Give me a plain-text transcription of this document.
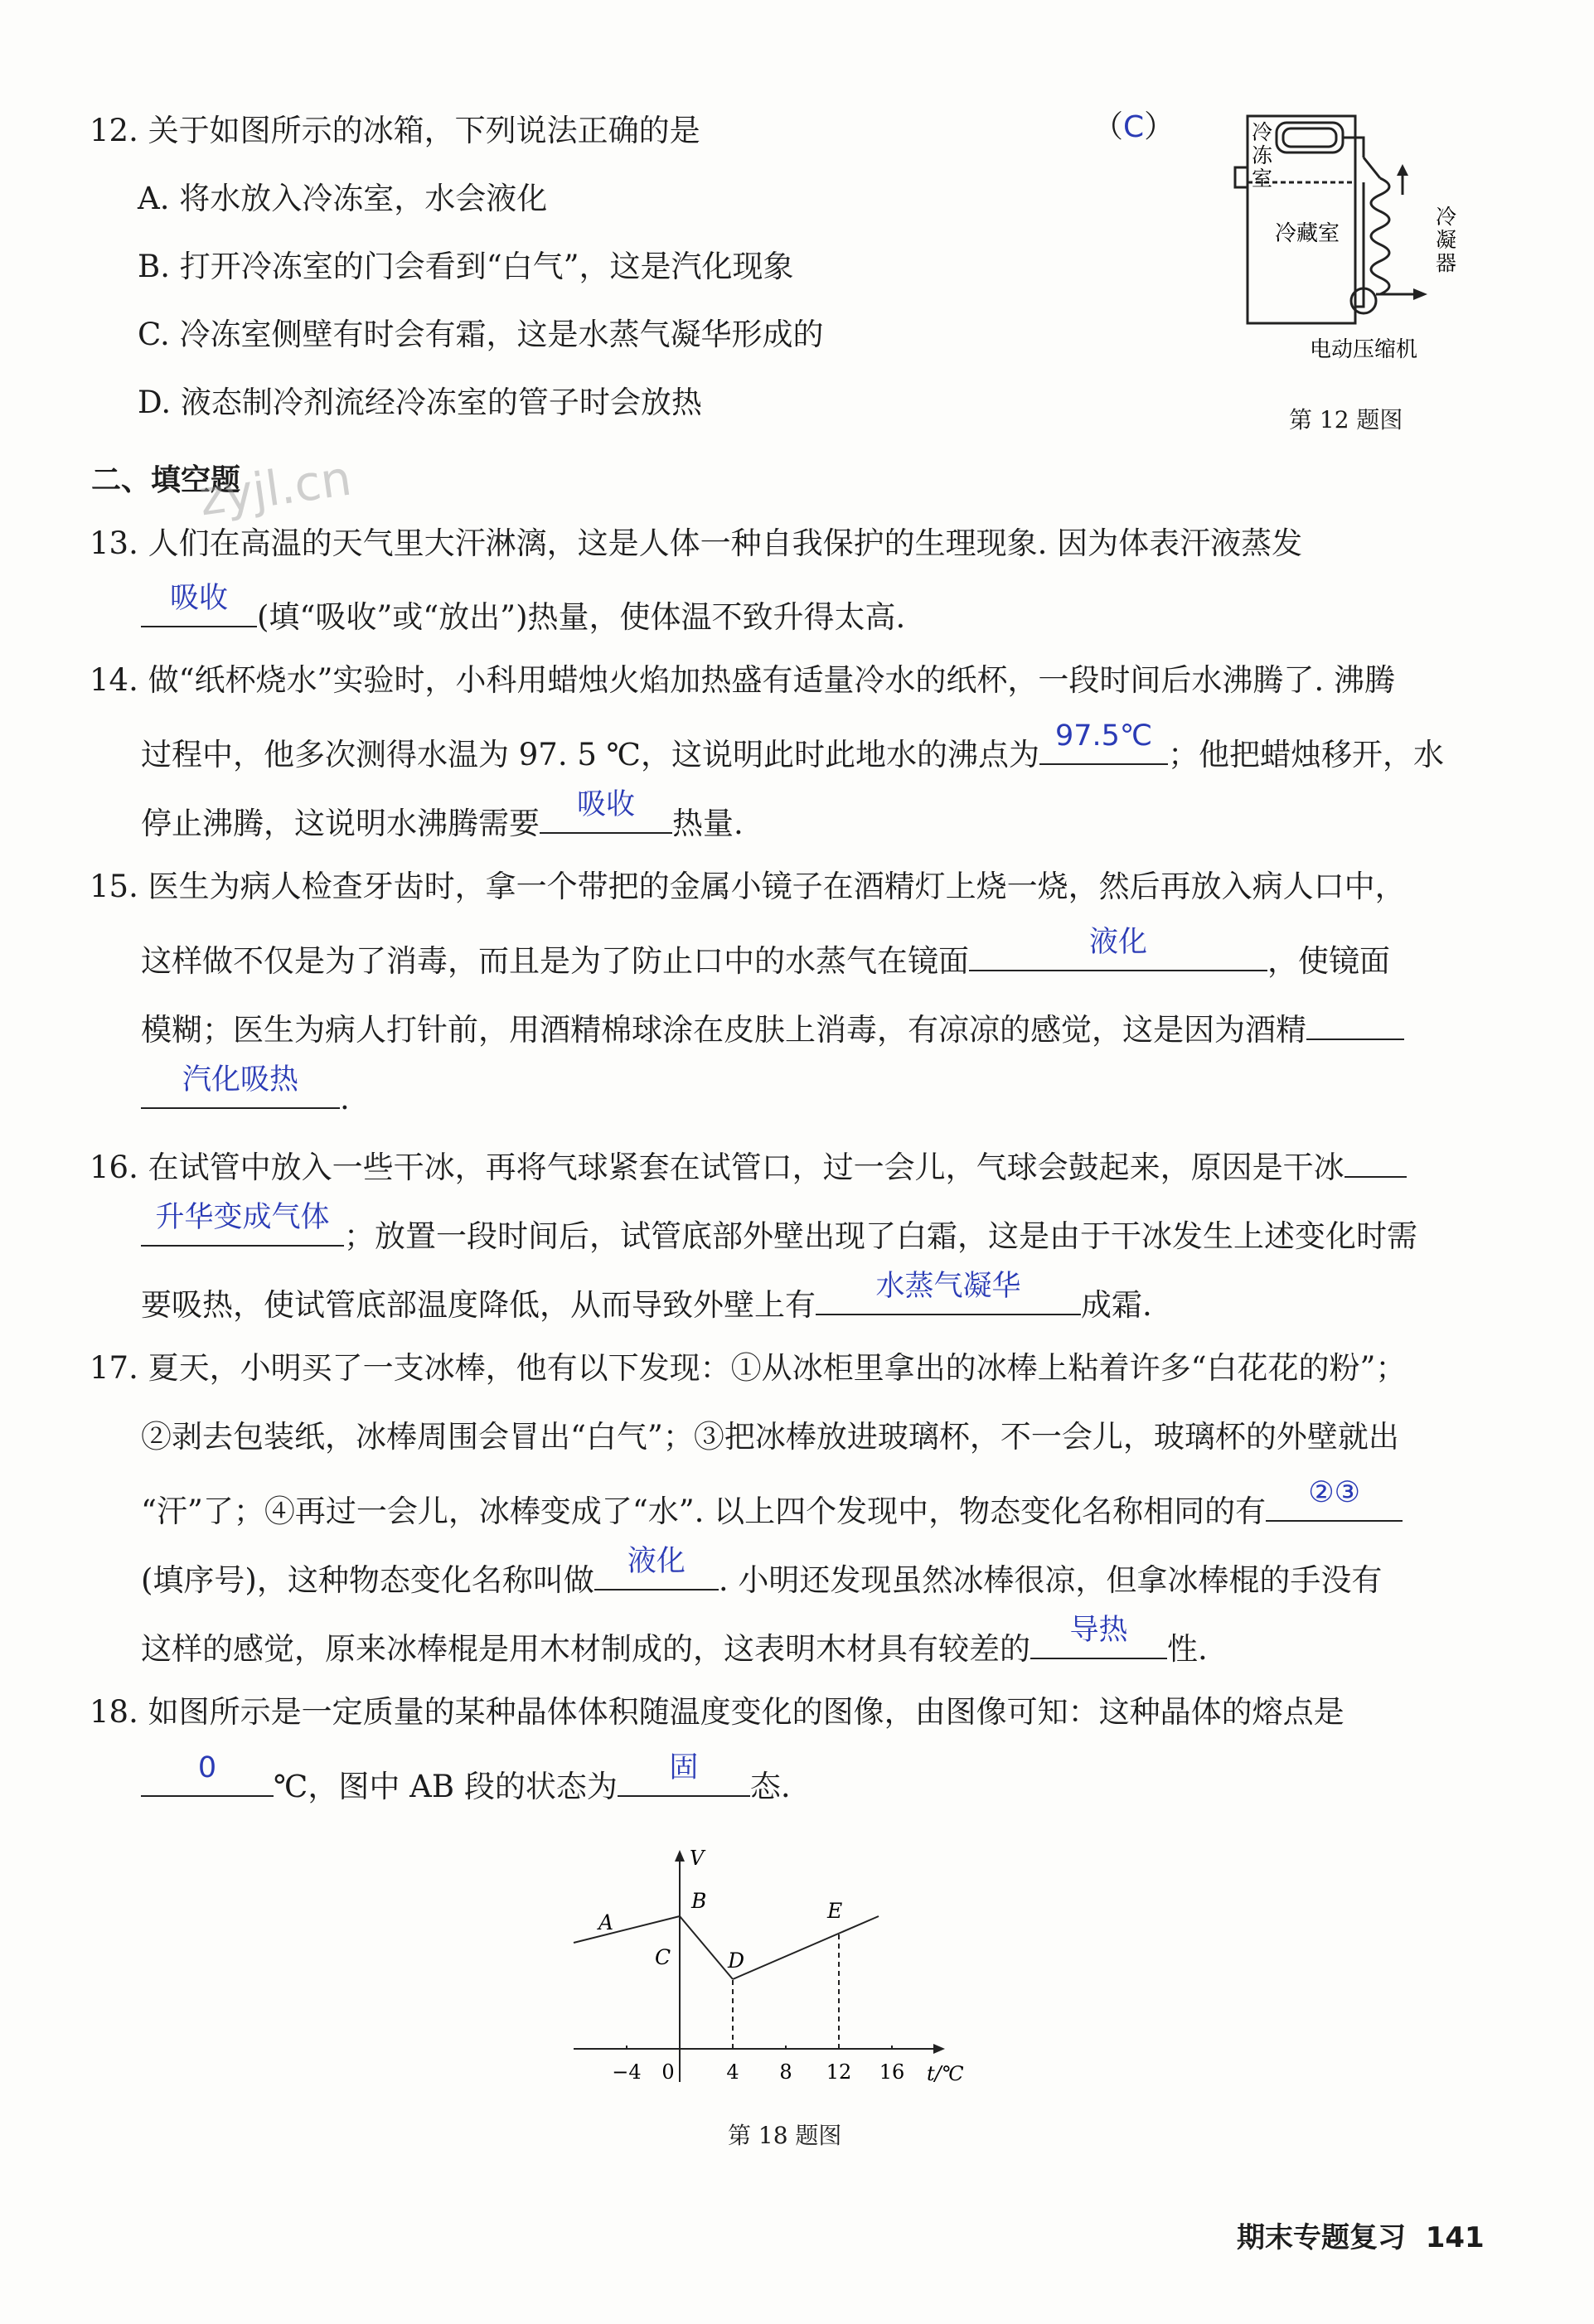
12. 关于如图所示的冰箱，下列说法正确的是	（C）
A. 将水放入冷冻室，水会液化
B. 打开冷冻室的门会看到“白气”，这是汽化现象
C. 冷冻室侧壁有时会有霜，这是水蒸气凝华形成的
D. 液态制冷剂流经冷冻室的管子时会放热
冷
冻
室
冷藏室
冷
凝
器
电动压缩机
第 12 题图
二、填空题
zyjl.cn
13. 人们在高温的天气里大汗淋漓，这是人体一种自我保护的生理现象. 因为体表汗液蒸发
吸收
(填“吸收”或“放出”)热量，使体温不致升得太高.
14. 做“纸杯烧水”实验时，小科用蜡烛火焰加热盛有适量冷水的纸杯，一段时间后水沸腾了. 沸腾
过程中，他多次测得水温为 97. 5 ℃，这说明此时此地水的沸点为
97.5℃
；他把蜡烛移开，水
停止沸腾，这说明水沸腾需要
吸收
热量.
15. 医生为病人检查牙齿时，拿一个带把的金属小镜子在酒精灯上烧一烧，然后再放入病人口中，
这样做不仅是为了消毒，而且是为了防止口中的水蒸气在镜面
液化
，使镜面
模糊；医生为病人打针前，用酒精棉球涂在皮肤上消毒，有凉凉的感觉，这是因为酒精
汽化吸热
.
16. 在试管中放入一些干冰，再将气球紧套在试管口，过一会儿，气球会鼓起来，原因是干冰
升华变成气体
；放置一段时间后，试管底部外壁出现了白霜，这是由于干冰发生上述变化时需
要吸热，使试管底部温度降低，从而导致外壁上有
水蒸气凝华
成霜.
17. 夏天，小明买了一支冰棒，他有以下发现：①从冰柜里拿出的冰棒上粘着许多“白花花的粉”；
②剥去包装纸，冰棒周围会冒出“白气”；③把冰棒放进玻璃杯，不一会儿，玻璃杯的外壁就出
“汗”了；④再过一会儿，冰棒变成了“水”. 以上四个发现中，物态变化名称相同的有
②③
(填序号)，这种物态变化名称叫做
液化
. 小明还发现虽然冰棒很凉，但拿冰棒棍的手没有
这样的感觉，原来冰棒棍是用木材制成的，这表明木材具有较差的
导热
性.
18. 如图所示是一定质量的某种晶体体积随温度变化的图像，由图像可知：这种晶体的熔点是
0
℃，图中 AB 段的状态为
固
态.
V
t/℃
−4 0	4 8 12 16
A
B
C	D
E
第 18 题图
期末专题复习 141
